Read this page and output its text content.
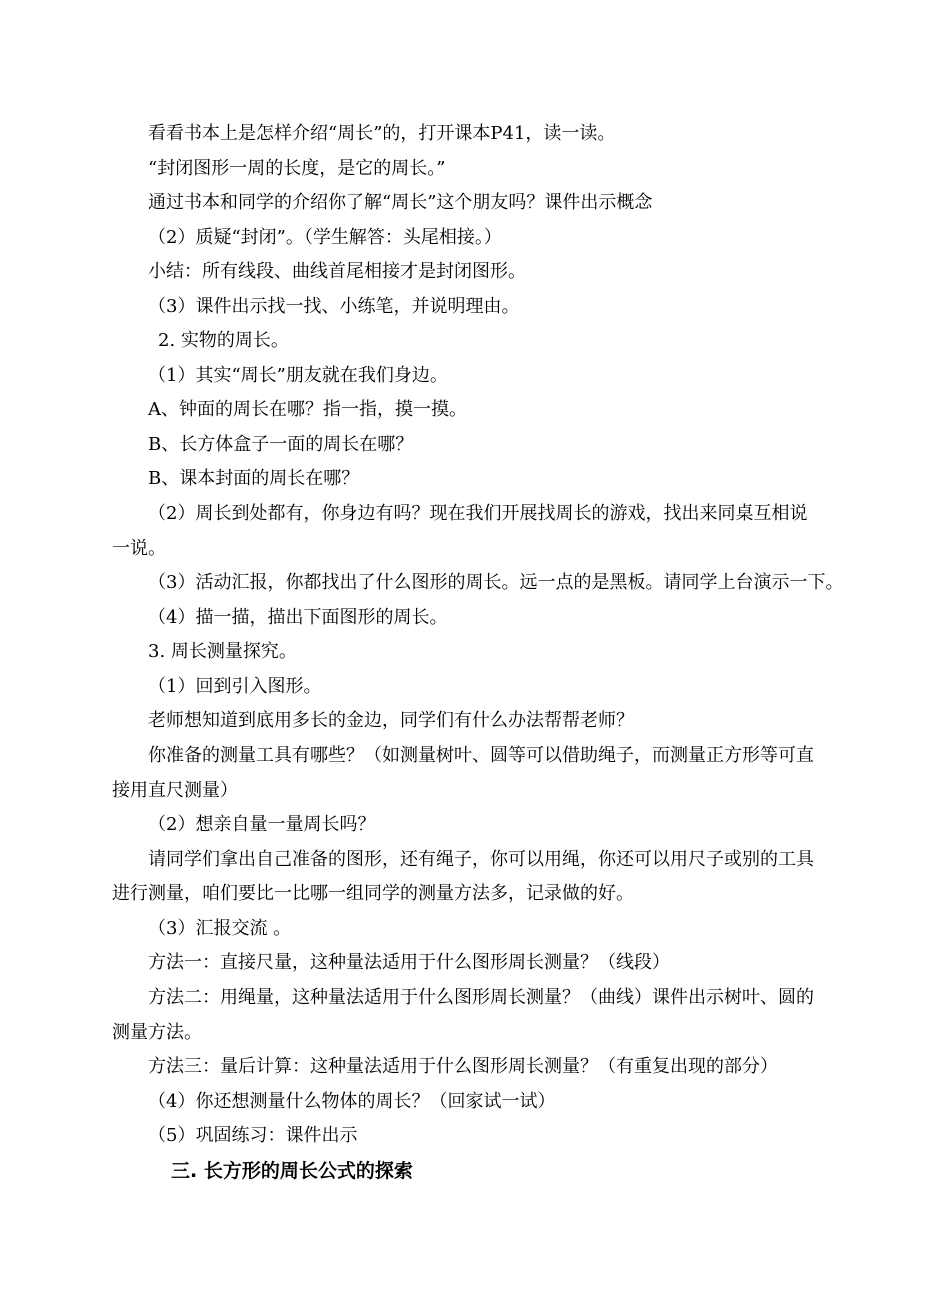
看看书本上是怎样介绍“周长”的，打开课本P41，读一读。
“封闭图形一周的长度，是它的周长。”
通过书本和同学的介绍你了解“周长”这个朋友吗？课件出示概念
（2）质疑“封闭”。（学生解答：头尾相接。）
小结：所有线段、曲线首尾相接才是封闭图形。
（3）课件出示找一找、小练笔，并说明理由。
2. 实物的周长。
（1）其实“周长”朋友就在我们身边。
A、钟面的周长在哪？指一指，摸一摸。
B、长方体盒子一面的周长在哪？
B、课本封面的周长在哪？
（2）周长到处都有，你身边有吗？现在我们开展找周长的游戏，找出来同桌互相说
一说。
（3）活动汇报，你都找出了什么图形的周长。远一点的是黑板。请同学上台演示一下。
（4）描一描，描出下面图形的周长。
3. 周长测量探究。
（1）回到引入图形。
老师想知道到底用多长的金边，同学们有什么办法帮帮老师？
你准备的测量工具有哪些？（如测量树叶、圆等可以借助绳子，而测量正方形等可直
接用直尺测量）
（2）想亲自量一量周长吗？
请同学们拿出自己准备的图形，还有绳子，你可以用绳，你还可以用尺子或别的工具
进行测量，咱们要比一比哪一组同学的测量方法多，记录做的好。
（3）汇报交流 。
方法一：直接尺量，这种量法适用于什么图形周长测量？（线段）
方法二：用绳量，这种量法适用于什么图形周长测量？（曲线）课件出示树叶、圆的
测量方法。
方法三：量后计算：这种量法适用于什么图形周长测量？（有重复出现的部分）
（4）你还想测量什么物体的周长？（回家试一试）
（5）巩固练习：课件出示
三. 长方形的周长公式的探索
